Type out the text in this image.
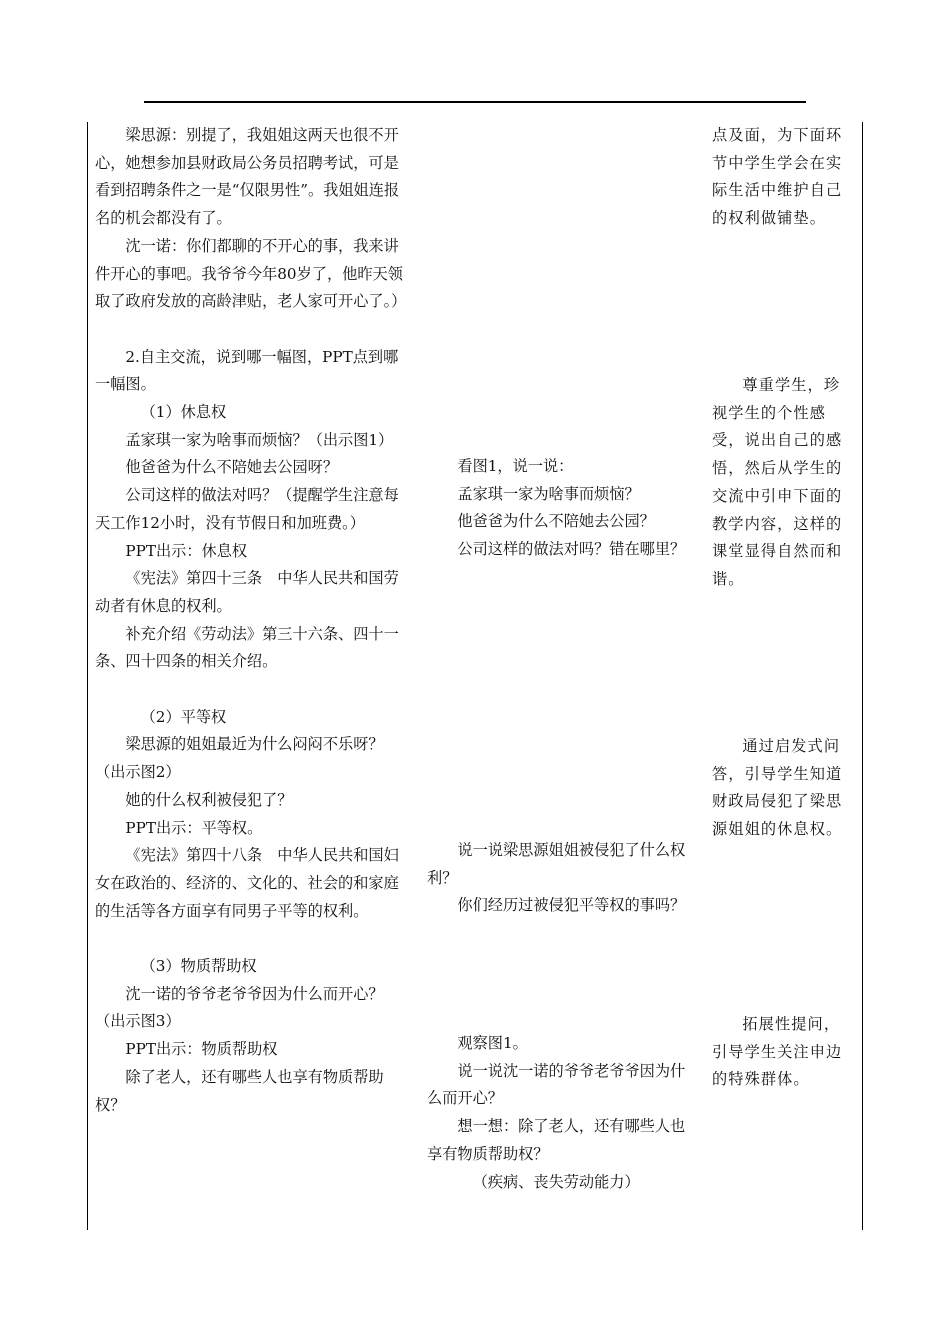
梁思源：别提了，我姐姐这两天也很不开心，她想参加县财政局公务员招聘考试，可是看到招聘条件之一是“仅限男性”。我姐姐连报名的机会都没有了。

沈一诺：你们都聊的不开心的事，我来讲件开心的事吧。我爷爷今年80岁了，他昨天领取了政府发放的高龄津贴，老人家可开心了。）

2.自主交流，说到哪一幅图，PPT点到哪一幅图。

（1）休息权

孟家琪一家为啥事而烦恼？（出示图1）

他爸爸为什么不陪她去公园呀？

公司这样的做法对吗？（提醒学生注意每天工作12小时，没有节假日和加班费。）

PPT出示：休息权

《宪法》第四十三条　中华人民共和国劳动者有休息的权利。

补充介绍《劳动法》第三十六条、四十一条、四十四条的相关介绍。

（2）平等权

梁思源的姐姐最近为什么闷闷不乐呀？（出示图2）

她的什么权利被侵犯了？

PPT出示：平等权。

《宪法》第四十八条　中华人民共和国妇女在政治的、经济的、文化的、社会的和家庭的生活等各方面享有同男子平等的权利。

（3）物质帮助权

沈一诺的爷爷老爷爷因为什么而开心？（出示图3）

PPT出示：物质帮助权

除了老人，还有哪些人也享有物质帮助权？

看图1，说一说：

孟家琪一家为啥事而烦恼？

他爸爸为什么不陪她去公园？

公司这样的做法对吗？错在哪里？

说一说梁思源姐姐被侵犯了什么权利？

你们经历过被侵犯平等权的事吗？

观察图1。

说一说沈一诺的爷爷老爷爷因为什么而开心？

想一想：除了老人，还有哪些人也享有物质帮助权？

（疾病、丧失劳动能力）

点及面，为下面环节中学生学会在实际生活中维护自己的权利做铺垫。

尊重学生，珍视学生的个性感受，说出自己的感悟，然后从学生的交流中引申下面的教学内容，这样的课堂显得自然而和谐。

通过启发式问答，引导学生知道财政局侵犯了梁思源姐姐的休息权。

拓展性提问，引导学生关注申边的特殊群体。
